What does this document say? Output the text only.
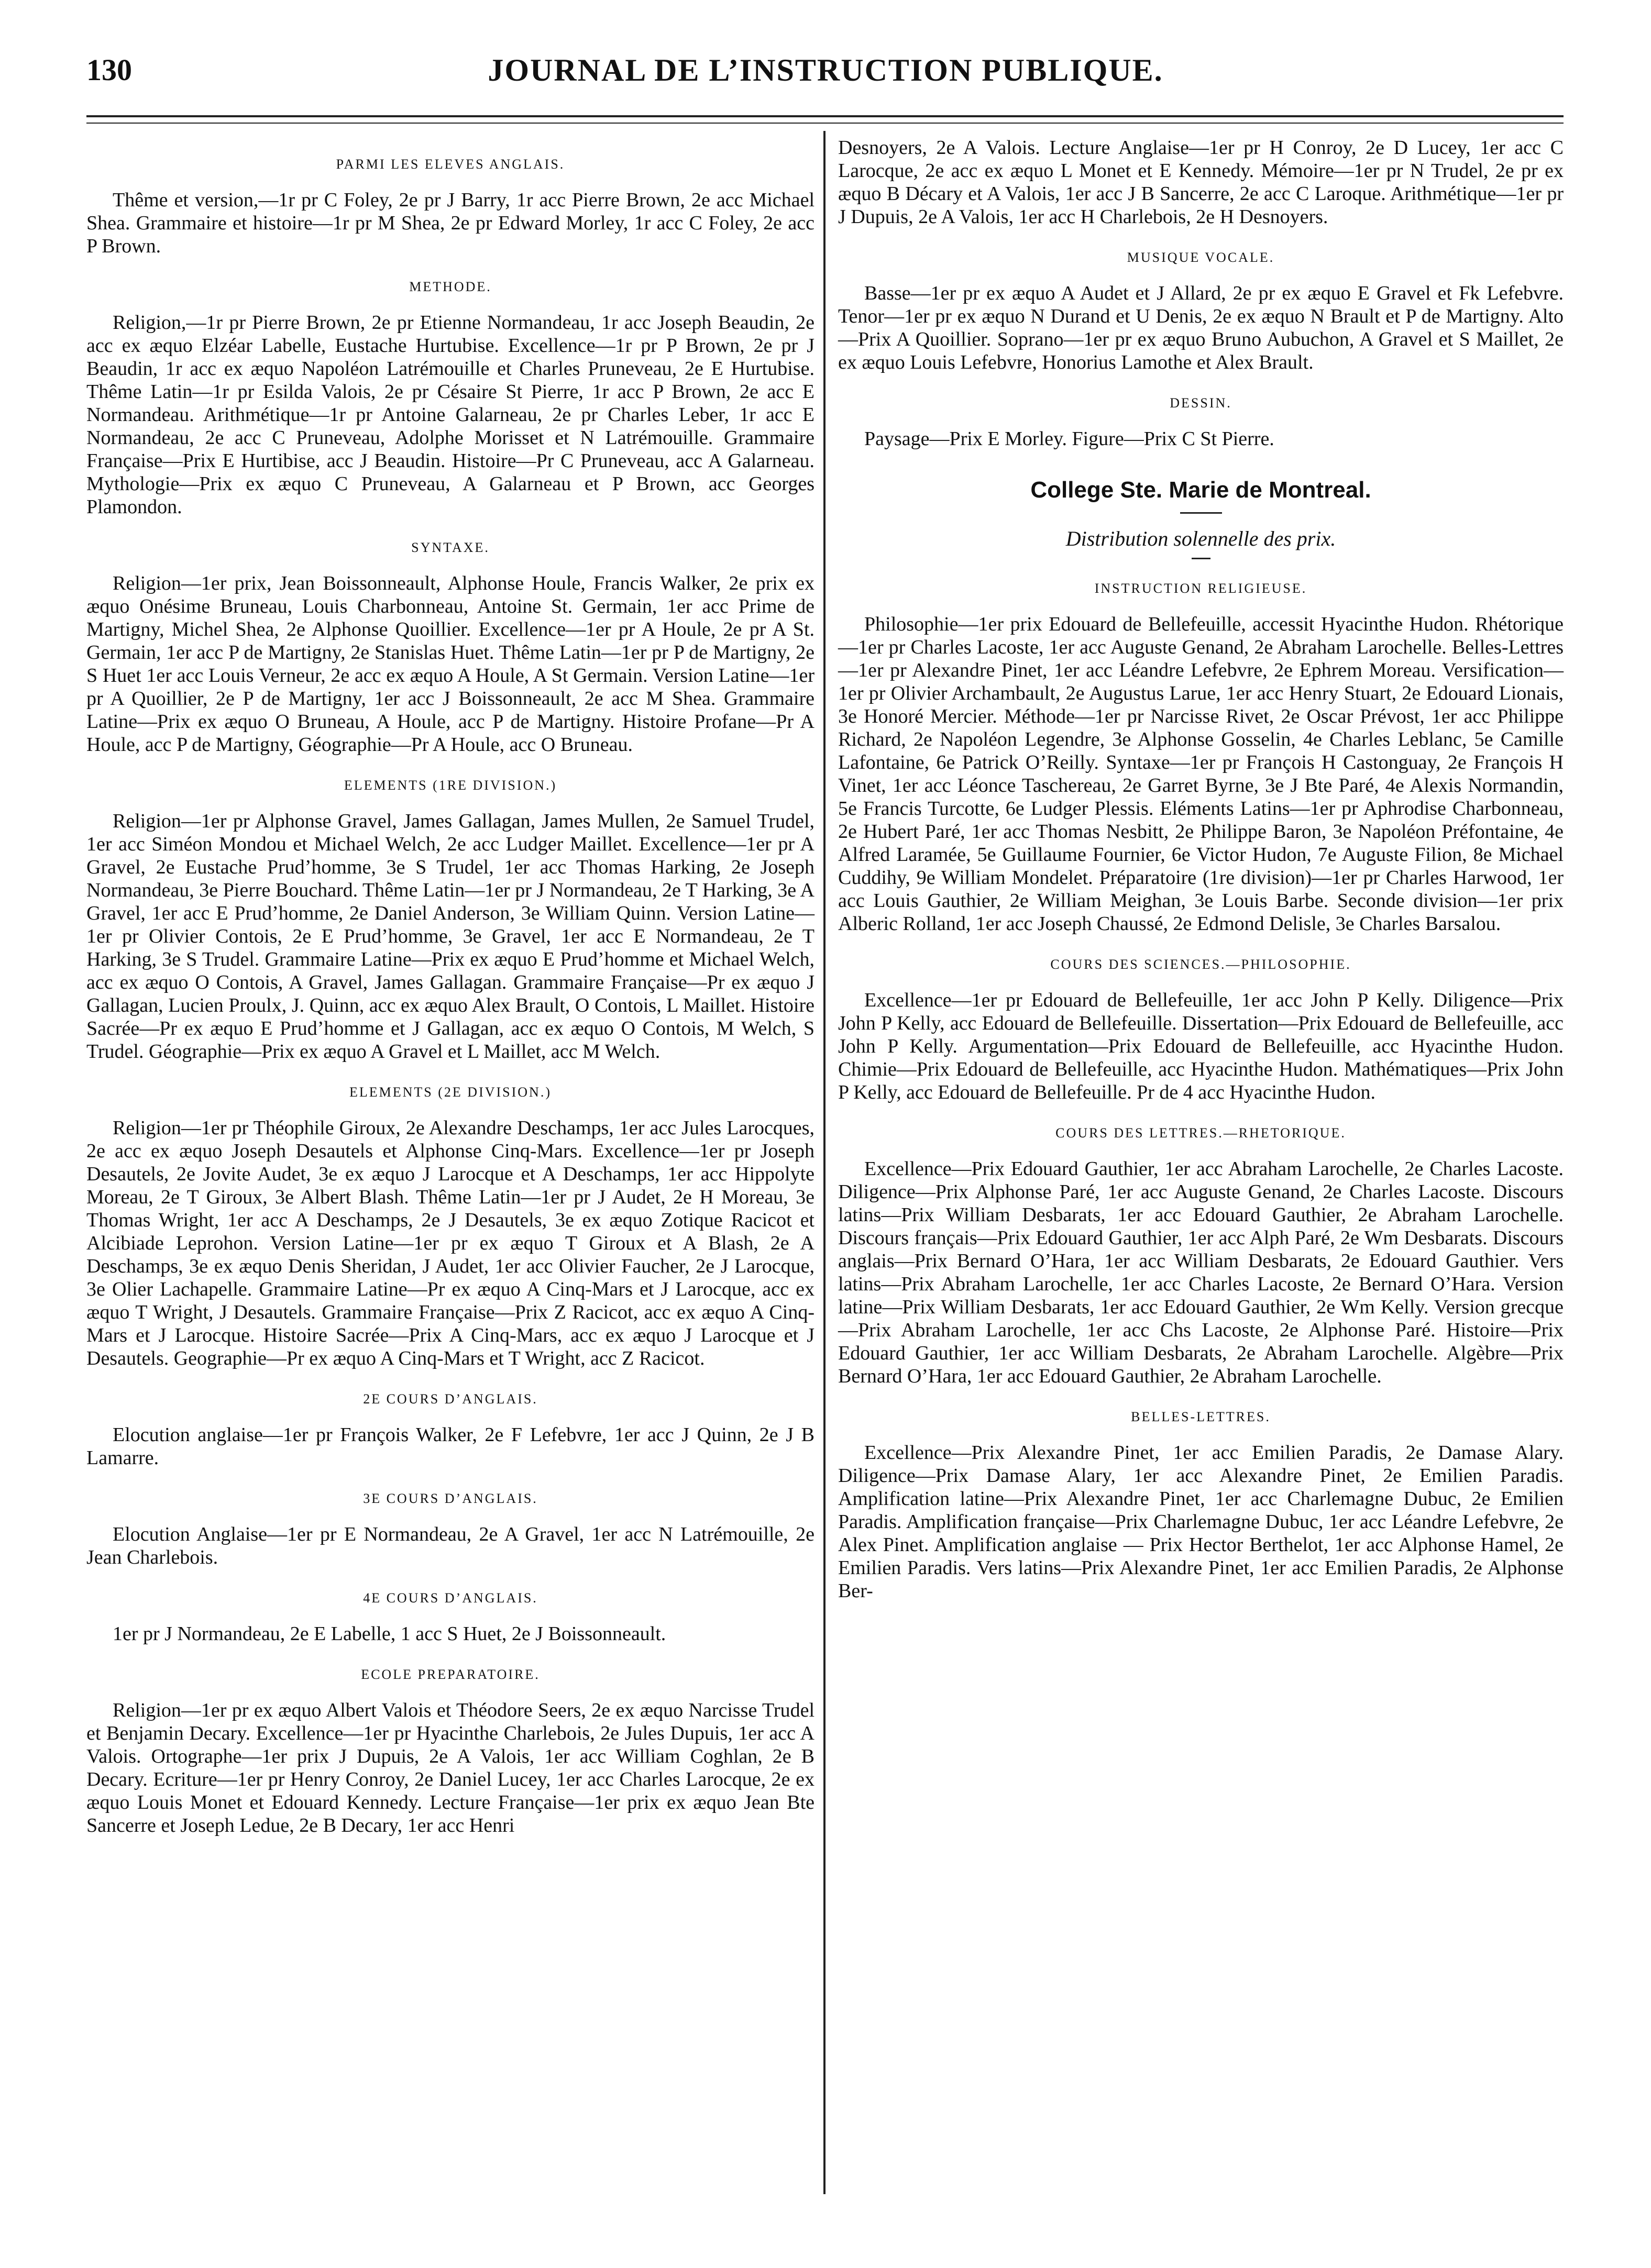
130	JOURNAL DE L’INSTRUCTION PUBLIQUE.
PARMI LES ELEVES ANGLAIS.

Thême et version,—1r pr C Foley, 2e pr J Barry, 1r acc Pierre Brown, 2e acc Michael Shea. Grammaire et histoire—1r pr M Shea, 2e pr Edward Morley, 1r acc C Foley, 2e acc P Brown.

METHODE.

Religion,—1r pr Pierre Brown, 2e pr Etienne Normandeau, 1r acc Joseph Beaudin, 2e acc ex æquo Elzéar Labelle, Eustache Hurtubise. Excellence—1r pr P Brown, 2e pr J Beaudin, 1r acc ex æquo Napoléon Latrémouille et Charles Pruneveau, 2e E Hurtubise. Thême Latin—1r pr Esilda Valois, 2e pr Césaire St Pierre, 1r acc P Brown, 2e acc E Normandeau. Arithmétique—1r pr Antoine Galarneau, 2e pr Charles Leber, 1r acc E Normandeau, 2e acc C Pruneveau, Adolphe Morisset et N Latrémouille. Grammaire Française—Prix E Hurtibise, acc J Beaudin. Histoire—Pr C Pruneveau, acc A Galarneau. Mythologie—Prix ex æquo C Pruneveau, A Galarneau et P Brown, acc Georges Plamondon.

SYNTAXE.

Religion—1er prix, Jean Boissonneault, Alphonse Houle, Francis Walker, 2e prix ex æquo Onésime Bruneau, Louis Charbonneau, Antoine St. Germain, 1er acc Prime de Martigny, Michel Shea, 2e Alphonse Quoillier. Excellence—1er pr A Houle, 2e pr A St. Germain, 1er acc P de Martigny, 2e Stanislas Huet. Thême Latin—1er pr P de Martigny, 2e S Huet 1er acc Louis Verneur, 2e acc ex æquo A Houle, A St Germain. Version Latine—1er pr A Quoillier, 2e P de Martigny, 1er acc J Boissonneault, 2e acc M Shea. Grammaire Latine—Prix ex æquo O Bruneau, A Houle, acc P de Martigny. Histoire Profane—Pr A Houle, acc P de Martigny, Géographie—Pr A Houle, acc O Bruneau.

ELEMENTS (1RE DIVISION.)

Religion—1er pr Alphonse Gravel, James Gallagan, James Mullen, 2e Samuel Trudel, 1er acc Siméon Mondou et Michael Welch, 2e acc Ludger Maillet. Excellence—1er pr A Gravel, 2e Eustache Prud’homme, 3e S Trudel, 1er acc Thomas Harking, 2e Joseph Normandeau, 3e Pierre Bouchard. Thême Latin—1er pr J Normandeau, 2e T Harking, 3e A Gravel, 1er acc E Prud’homme, 2e Daniel Anderson, 3e William Quinn. Version Latine—1er pr Olivier Contois, 2e E Prud’homme, 3e Gravel, 1er acc E Normandeau, 2e T Harking, 3e S Trudel. Grammaire Latine—Prix ex æquo E Prud’homme et Michael Welch, acc ex æquo O Contois, A Gravel, James Gallagan. Grammaire Française—Pr ex æquo J Gallagan, Lucien Proulx, J. Quinn, acc ex æquo Alex Brault, O Contois, L Maillet. Histoire Sacrée—Pr ex æquo E Prud’homme et J Gallagan, acc ex æquo O Contois, M Welch, S Trudel. Géographie—Prix ex æquo A Gravel et L Maillet, acc M Welch.

ELEMENTS (2E DIVISION.)

Religion—1er pr Théophile Giroux, 2e Alexandre Deschamps, 1er acc Jules Larocques, 2e acc ex æquo Joseph Desautels et Alphonse Cinq-Mars. Excellence—1er pr Joseph Desautels, 2e Jovite Audet, 3e ex æquo J Larocque et A Deschamps, 1er acc Hippolyte Moreau, 2e T Giroux, 3e Albert Blash. Thême Latin—1er pr J Audet, 2e H Moreau, 3e Thomas Wright, 1er acc A Deschamps, 2e J Desautels, 3e ex æquo Zotique Racicot et Alcibiade Leprohon. Version Latine—1er pr ex æquo T Giroux et A Blash, 2e A Deschamps, 3e ex æquo Denis Sheridan, J Audet, 1er acc Olivier Faucher, 2e J Larocque, 3e Olier Lachapelle. Grammaire Latine—Pr ex æquo A Cinq-Mars et J Larocque, acc ex æquo T Wright, J Desautels. Grammaire Française—Prix Z Racicot, acc ex æquo A Cinq-Mars et J Larocque. Histoire Sacrée—Prix A Cinq-Mars, acc ex æquo J Larocque et J Desautels. Geographie—Pr ex æquo A Cinq-Mars et T Wright, acc Z Racicot.

2E COURS D’ANGLAIS.

Elocution anglaise—1er pr François Walker, 2e F Lefebvre, 1er acc J Quinn, 2e J B Lamarre.

3E COURS D’ANGLAIS.

Elocution Anglaise—1er pr E Normandeau, 2e A Gravel, 1er acc N Latrémouille, 2e Jean Charlebois.

4E COURS D’ANGLAIS.

1er pr J Normandeau, 2e E Labelle, 1 acc S Huet, 2e J Boissonneault.

ECOLE PREPARATOIRE.

Religion—1er pr ex æquo Albert Valois et Théodore Seers, 2e ex æquo Narcisse Trudel et Benjamin Decary. Excellence—1er pr Hyacinthe Charlebois, 2e Jules Dupuis, 1er acc A Valois. Ortographe—1er prix J Dupuis, 2e A Valois, 1er acc William Coghlan, 2e B Decary. Ecriture—1er pr Henry Conroy, 2e Daniel Lucey, 1er acc Charles Larocque, 2e ex æquo Louis Monet et Edouard Kennedy. Lecture Française—1er prix ex æquo Jean Bte Sancerre et Joseph Ledue, 2e B Decary, 1er acc Henri

Desnoyers, 2e A Valois. Lecture Anglaise—1er pr H Conroy, 2e D Lucey, 1er acc C Larocque, 2e acc ex æquo L Monet et E Kennedy. Mémoire—1er pr N Trudel, 2e pr ex æquo B Décary et A Valois, 1er acc J B Sancerre, 2e acc C Laroque. Arithmétique—1er pr J Dupuis, 2e A Valois, 1er acc H Charlebois, 2e H Desnoyers.

MUSIQUE VOCALE.

Basse—1er pr ex æquo A Audet et J Allard, 2e pr ex æquo E Gravel et Fk Lefebvre. Tenor—1er pr ex æquo N Durand et U Denis, 2e ex æquo N Brault et P de Martigny. Alto—Prix A Quoillier. Soprano—1er pr ex æquo Bruno Aubuchon, A Gravel et S Maillet, 2e ex æquo Louis Lefebvre, Honorius Lamothe et Alex Brault.

DESSIN.

Paysage—Prix E Morley. Figure—Prix C St Pierre.

College Ste. Marie de Montreal.
Distribution solennelle des prix.
INSTRUCTION RELIGIEUSE.

Philosophie—1er prix Edouard de Bellefeuille, accessit Hyacinthe Hudon. Rhétorique—1er pr Charles Lacoste, 1er acc Auguste Genand, 2e Abraham Larochelle. Belles-Lettres—1er pr Alexandre Pinet, 1er acc Léandre Lefebvre, 2e Ephrem Moreau. Versification—1er pr Olivier Archambault, 2e Augustus Larue, 1er acc Henry Stuart, 2e Edouard Lionais, 3e Honoré Mercier. Méthode—1er pr Narcisse Rivet, 2e Oscar Prévost, 1er acc Philippe Richard, 2e Napoléon Legendre, 3e Alphonse Gosselin, 4e Charles Leblanc, 5e Camille Lafontaine, 6e Patrick O’Reilly. Syntaxe—1er pr François H Castonguay, 2e François H Vinet, 1er acc Léonce Taschereau, 2e Garret Byrne, 3e J Bte Paré, 4e Alexis Normandin, 5e Francis Turcotte, 6e Ludger Plessis. Eléments Latins—1er pr Aphrodise Charbonneau, 2e Hubert Paré, 1er acc Thomas Nesbitt, 2e Philippe Baron, 3e Napoléon Préfontaine, 4e Alfred Laramée, 5e Guillaume Fournier, 6e Victor Hudon, 7e Auguste Filion, 8e Michael Cuddihy, 9e William Mondelet. Préparatoire (1re division)—1er pr Charles Harwood, 1er acc Louis Gauthier, 2e William Meighan, 3e Louis Barbe. Seconde division—1er prix Alberic Rolland, 1er acc Joseph Chaussé, 2e Edmond Delisle, 3e Charles Barsalou.

COURS DES SCIENCES.—PHILOSOPHIE.

Excellence—1er pr Edouard de Bellefeuille, 1er acc John P Kelly. Diligence—Prix John P Kelly, acc Edouard de Bellefeuille. Dissertation—Prix Edouard de Bellefeuille, acc John P Kelly. Argumentation—Prix Edouard de Bellefeuille, acc Hyacinthe Hudon. Chimie—Prix Edouard de Bellefeuille, acc Hyacinthe Hudon. Mathématiques—Prix John P Kelly, acc Edouard de Bellefeuille. Pr de 4 acc Hyacinthe Hudon.

COURS DES LETTRES.—RHETORIQUE.

Excellence—Prix Edouard Gauthier, 1er acc Abraham Larochelle, 2e Charles Lacoste. Diligence—Prix Alphonse Paré, 1er acc Auguste Genand, 2e Charles Lacoste. Discours latins—Prix William Desbarats, 1er acc Edouard Gauthier, 2e Abraham Larochelle. Discours français—Prix Edouard Gauthier, 1er acc Alph Paré, 2e Wm Desbarats. Discours anglais—Prix Bernard O’Hara, 1er acc William Desbarats, 2e Edouard Gauthier. Vers latins—Prix Abraham Larochelle, 1er acc Charles Lacoste, 2e Bernard O’Hara. Version latine—Prix William Desbarats, 1er acc Edouard Gauthier, 2e Wm Kelly. Version grecque—Prix Abraham Larochelle, 1er acc Chs Lacoste, 2e Alphonse Paré. Histoire—Prix Edouard Gauthier, 1er acc William Desbarats, 2e Abraham Larochelle. Algèbre—Prix Bernard O’Hara, 1er acc Edouard Gauthier, 2e Abraham Larochelle.

BELLES-LETTRES.

Excellence—Prix Alexandre Pinet, 1er acc Emilien Paradis, 2e Damase Alary. Diligence—Prix Damase Alary, 1er acc Alexandre Pinet, 2e Emilien Paradis. Amplification latine—Prix Alexandre Pinet, 1er acc Charlemagne Dubuc, 2e Emilien Paradis. Amplification française—Prix Charlemagne Dubuc, 1er acc Léandre Lefebvre, 2e Alex Pinet. Amplification anglaise — Prix Hector Berthelot, 1er acc Alphonse Hamel, 2e Emilien Paradis. Vers latins—Prix Alexandre Pinet, 1er acc Emilien Paradis, 2e Alphonse Ber-
